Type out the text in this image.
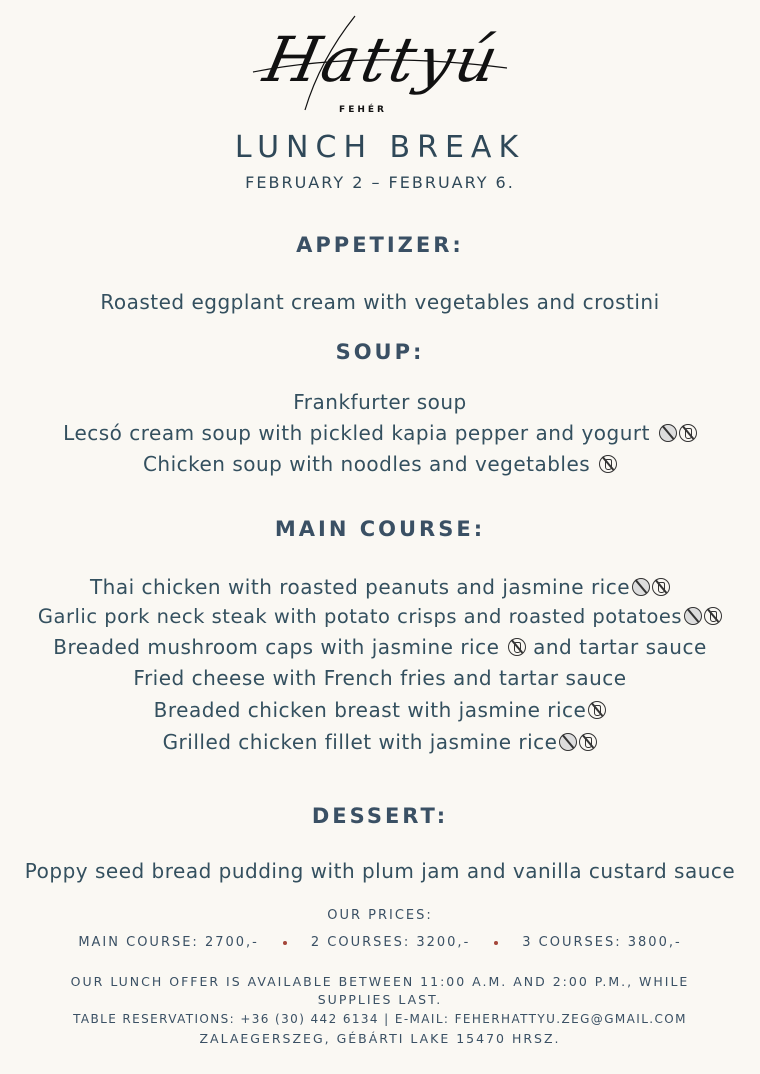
Hattyú
FEHÉR
LUNCH BREAK
FEBRUARY 2 – FEBRUARY 6.
APPETIZER:
Roasted eggplant cream with vegetables and crostini
SOUP:
Frankfurter soup
Lecsó cream soup with pickled kapia pepper and yogurt
Chicken soup with noodles and vegetables
MAIN COURSE:
Thai chicken with roasted peanuts and jasmine rice
Garlic pork neck steak with potato crisps and roasted potatoes
Breaded mushroom caps with jasmine rice and tartar sauce
Fried cheese with French fries and tartar sauce
Breaded chicken breast with jasmine rice
Grilled chicken fillet with jasmine rice
DESSERT:
Poppy seed bread pudding with plum jam and vanilla custard sauce
OUR PRICES:
MAIN COURSE: 2700,-	2 COURSES: 3200,-	3 COURSES: 3800,-
OUR LUNCH OFFER IS AVAILABLE BETWEEN 11:00 A.M. AND 2:00 P.M., WHILE
SUPPLIES LAST.
TABLE RESERVATIONS: +36 (30) 442 6134 | E-MAIL: FEHERHATTYU.ZEG@GMAIL.COM
ZALAEGERSZEG, GÉBÁRTI LAKE 15470 HRSZ.
